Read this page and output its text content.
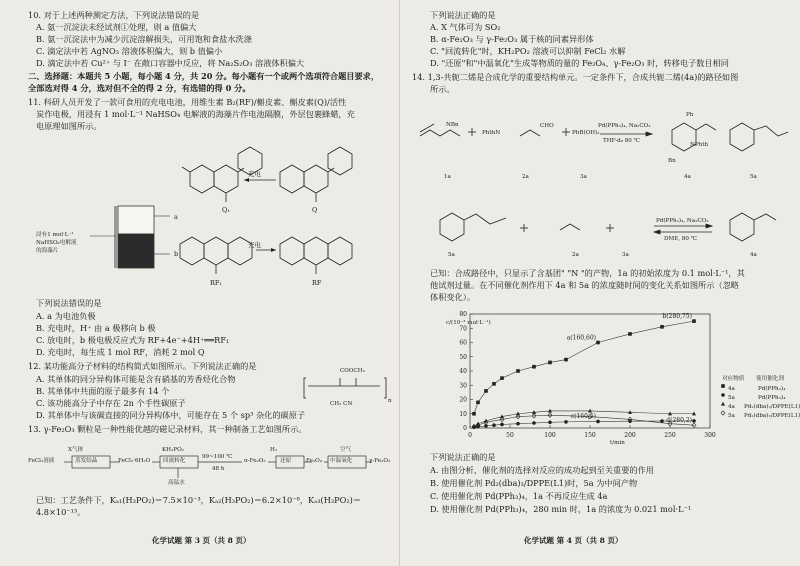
10. 对于上述两种测定方法，下列说法错误的是
A. 氨一沉淀法未经试剂①处理，则 a 值偏大
B. 氨一沉淀法中为减少沉淀溶解损失，可用饱和食盐水洗涤
C. 滴定法中若 AgNO₃ 溶液体积偏大，则 b 值偏小
D. 滴定法中若 Cu²⁺ 与 I⁻ 在敞口容器中反应，将 Na₂S₂O₃ 溶液体积偏大
二、选择题：本题共 5 小题，每小题 4 分，共 20 分。每小题有一个或两个选项符合题目要求，
全部选对得 4 分，选对但不全的得 2 分，有选错的得 0 分。
11. 科研人员开发了一款可食用的充电电池，用维生素 B₂(RF)/槲皮素、槲皮素(Q)/活性
炭作电极，用浸有 1 mol·L⁻¹ NaHSO₄ 电解液的海藻片作电池隔膜，外层包裹蜂蜡，充
电原理如图所示。
浸有1 mol·L⁻¹
NaHSO₄电解液
的海藻片
a
b
充电
充电
Q₁	Q
RF₁	RF
下列说法错误的是
A. a 为电池负极
B. 充电时，H⁺ 由 a 极移向 b 极
C. 放电时，b 极电极反应式为 RF+4e⁻+4H⁺══RF₁
D. 充电时，每生成 1 mol RF，消耗 2 mol Q
12. 某功能高分子材料的结构简式如图所示。下列说法正确的是
A. 其单体的同分异构体可能是含有硝基的芳香烃化合物
B. 其单体中共面的原子最多有 14 个
C. 该功能高分子中存在 2n 个手性碳原子
D. 其单体中与该碳直接的同分异构体中，可能存在 5 个 sp³ 杂化的碳原子
COOCH₃
CH₃ CN	n
13. γ-Fe₂O₃ 颗粒是一种性能优越的磁记录材料，其一种制备工艺如图所示。
FeCl₂溶液
X气体
蒸发结晶	FeCl₂·6H₂O
KH₂PO₂
回流转化
99~100 ℃
48 h
α-Fe₂O₃
H₂
还原	Fe₃O₄
空气
中温氧化	γ-Fe₂O₃
高锰水
已知：工艺条件下，Kₐ₁(H₃PO₂)＝7.5×10⁻³，Kₐ₂(H₃PO₂)＝6.2×10⁻⁸，Kₐ₃(H₃PO₂)＝
4.8×10⁻¹³。
化学试题 第 3 页（共 8 页）
下列说法正确的是
A. X 气体可为 SO₂
B. α-Fe₂O₃ 与 γ-Fe₂O₃ 属于核的同素异形体
C. "回流转化"时，KH₂PO₂ 溶液可以抑制 FeCl₂ 水解
D. "还原"和"中温氧化"生成等物质的量的 Fe₃O₄、γ-Fe₂O₃ 时，转移电子数目相同
14. 1,3-共轭二烯是合成化学的重要结构单元。一定条件下，合成共轭二烯(4a)的路径如图
所示。
NBn
PhthN
CHO
PhB(OH)₂
Pd(PPh₃)₄, Na₂CO₃
THF-d₈ 80 ℃
NPhth
Bn
Ph
1a	2a	3a	4a	5a
5a	2a	3a	4a
Pd(PPh₃)₄, Na₂CO₃
DME, 80 ℃
已知：合成路径中，只显示了含基团" "N "的产物，1a 的初始浓度为 0.1 mol·L⁻¹，其
他试剂过量。在不同催化剂作用下 4a 和 5a 的浓度随时间的变化关系如图所示（忽略
体积变化）。
0	50	100	150	200	250	300
0
10
20
30
40
50
60
70
80	b(280,75)
a(160,60)
c(160,5)
d(280,2)
c/(10⁻³ mol·L⁻¹)
t/min
对应物质 使用催化剂
4a	Pd(PPh₃)₄
5a	Pd(PPh₃)₄
4a Pd₂(dba)₃/DPPE(L1)
5a Pd₂(dba)₃/DPPE(L1)
下列说法正确的是
A. 由图分析，催化剂的选择对反应的成功起到至关重要的作用
B. 使用催化剂 Pd₂(dba)₃/DPPE(L1)时，5a 为中间产物
C. 使用催化剂 Pd(PPh₃)₄，1a 不再反应生成 4a
D. 使用催化剂 Pd(PPh₃)₄，280 min 时，1a 的浓度为 0.021 mol·L⁻¹
化学试题 第 4 页（共 8 页）
